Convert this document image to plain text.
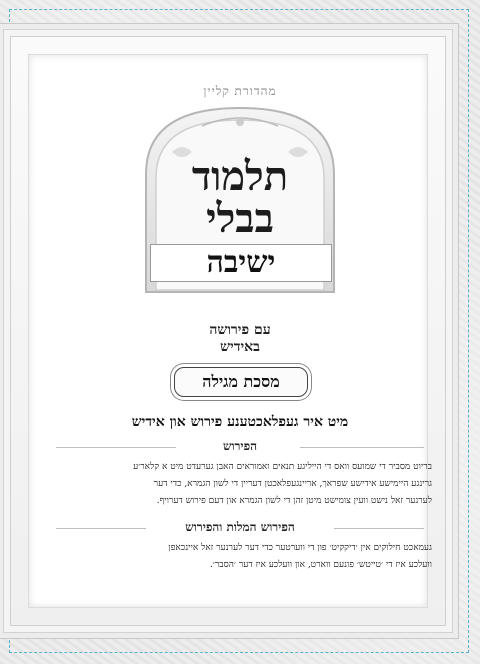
מהדורת קליין
תלמוד
בבלי
ישיבה
עם פירושה
באידיש
מסכת מגילה
מיט איר געפלאכטענע פירוש און אידיש
הפירוש
בריוט מסביר די שמועס וואס די הייליגע תנאים ואמוראים האבן גערעדט מיט א קלאר׳ע
גרינגע היימישע אידישע שפראך, אריינגעפלאכטן דעריין די לשון הגמרא, כדי דער
לערנער זאל נישט וועין צומישט מיטן זהן די לשון הגמרא און דעם פירוש דערויף.
הפירוש המלות והפירוש
געמאכט חילוקים אין ׳דיקקיט׳ פון די ווערטער כדי דער לערנער זאל איינכאפן
וועלכע איז די ׳טייטש׳ פונעם ווארט, און וועלכע איז דער ׳הסבר׳.
